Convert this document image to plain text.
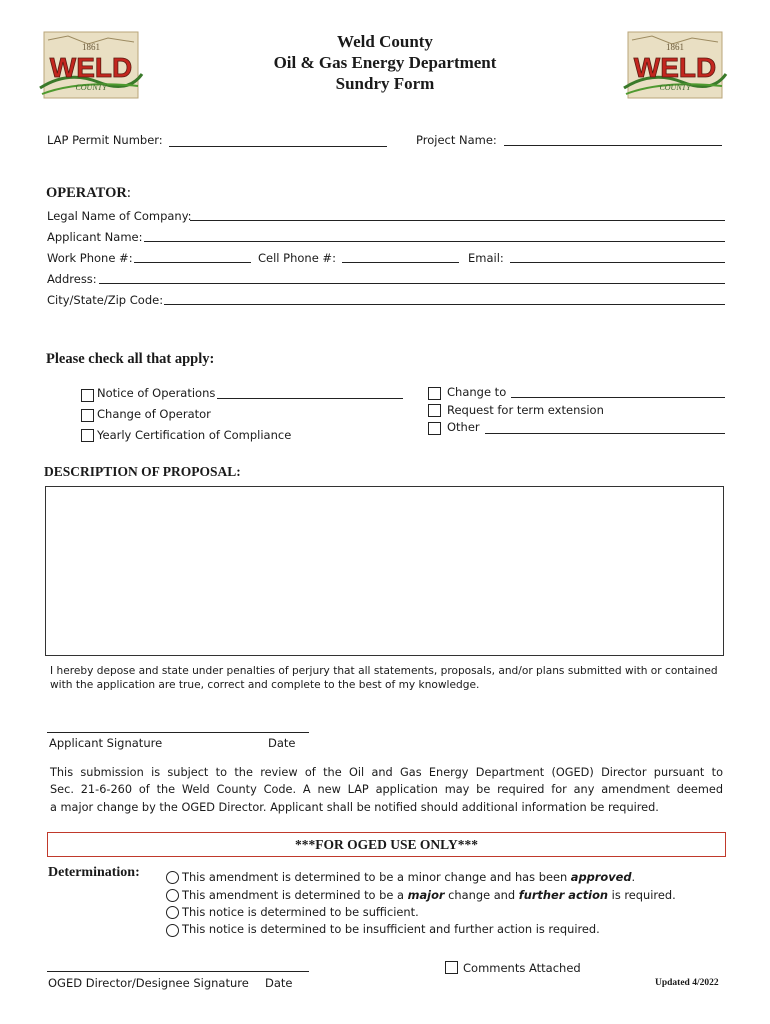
1861
WELD
COUNTY
1861
WELD
COUNTY
Weld County
Oil & Gas Energy Department
Sundry Form
LAP Permit Number:	Project Name:
OPERATOR:
Legal Name of Company:
Applicant Name:
Work Phone #:	Cell Phone #:	Email:
Address:
City/State/Zip Code:
Please check all that apply:
Notice of Operations
Change of Operator
Yearly Certification of Compliance
Change to
Request for term extension
Other
DESCRIPTION OF PROPOSAL:
I hereby depose and state under penalties of perjury that all statements, proposals, and/or plans submitted with or contained
with the application are true, correct and complete to the best of my knowledge.
Applicant Signature	Date
This submission is subject to the review of the Oil and Gas Energy Department (OGED) Director pursuant to
Sec. 21-6-260 of the Weld County Code. A new LAP application may be required for any amendment deemed
a major change by the OGED Director. Applicant shall be notified should additional information be required.
***FOR OGED USE ONLY***
Determination:	This amendment is determined to be a minor change and has been approved.
This amendment is determined to be a major change and further action is required.
This notice is determined to be sufficient.
This notice is determined to be insufficient and further action is required.
Comments Attached
OGED Director/Designee Signature Date	Updated 4/2022
